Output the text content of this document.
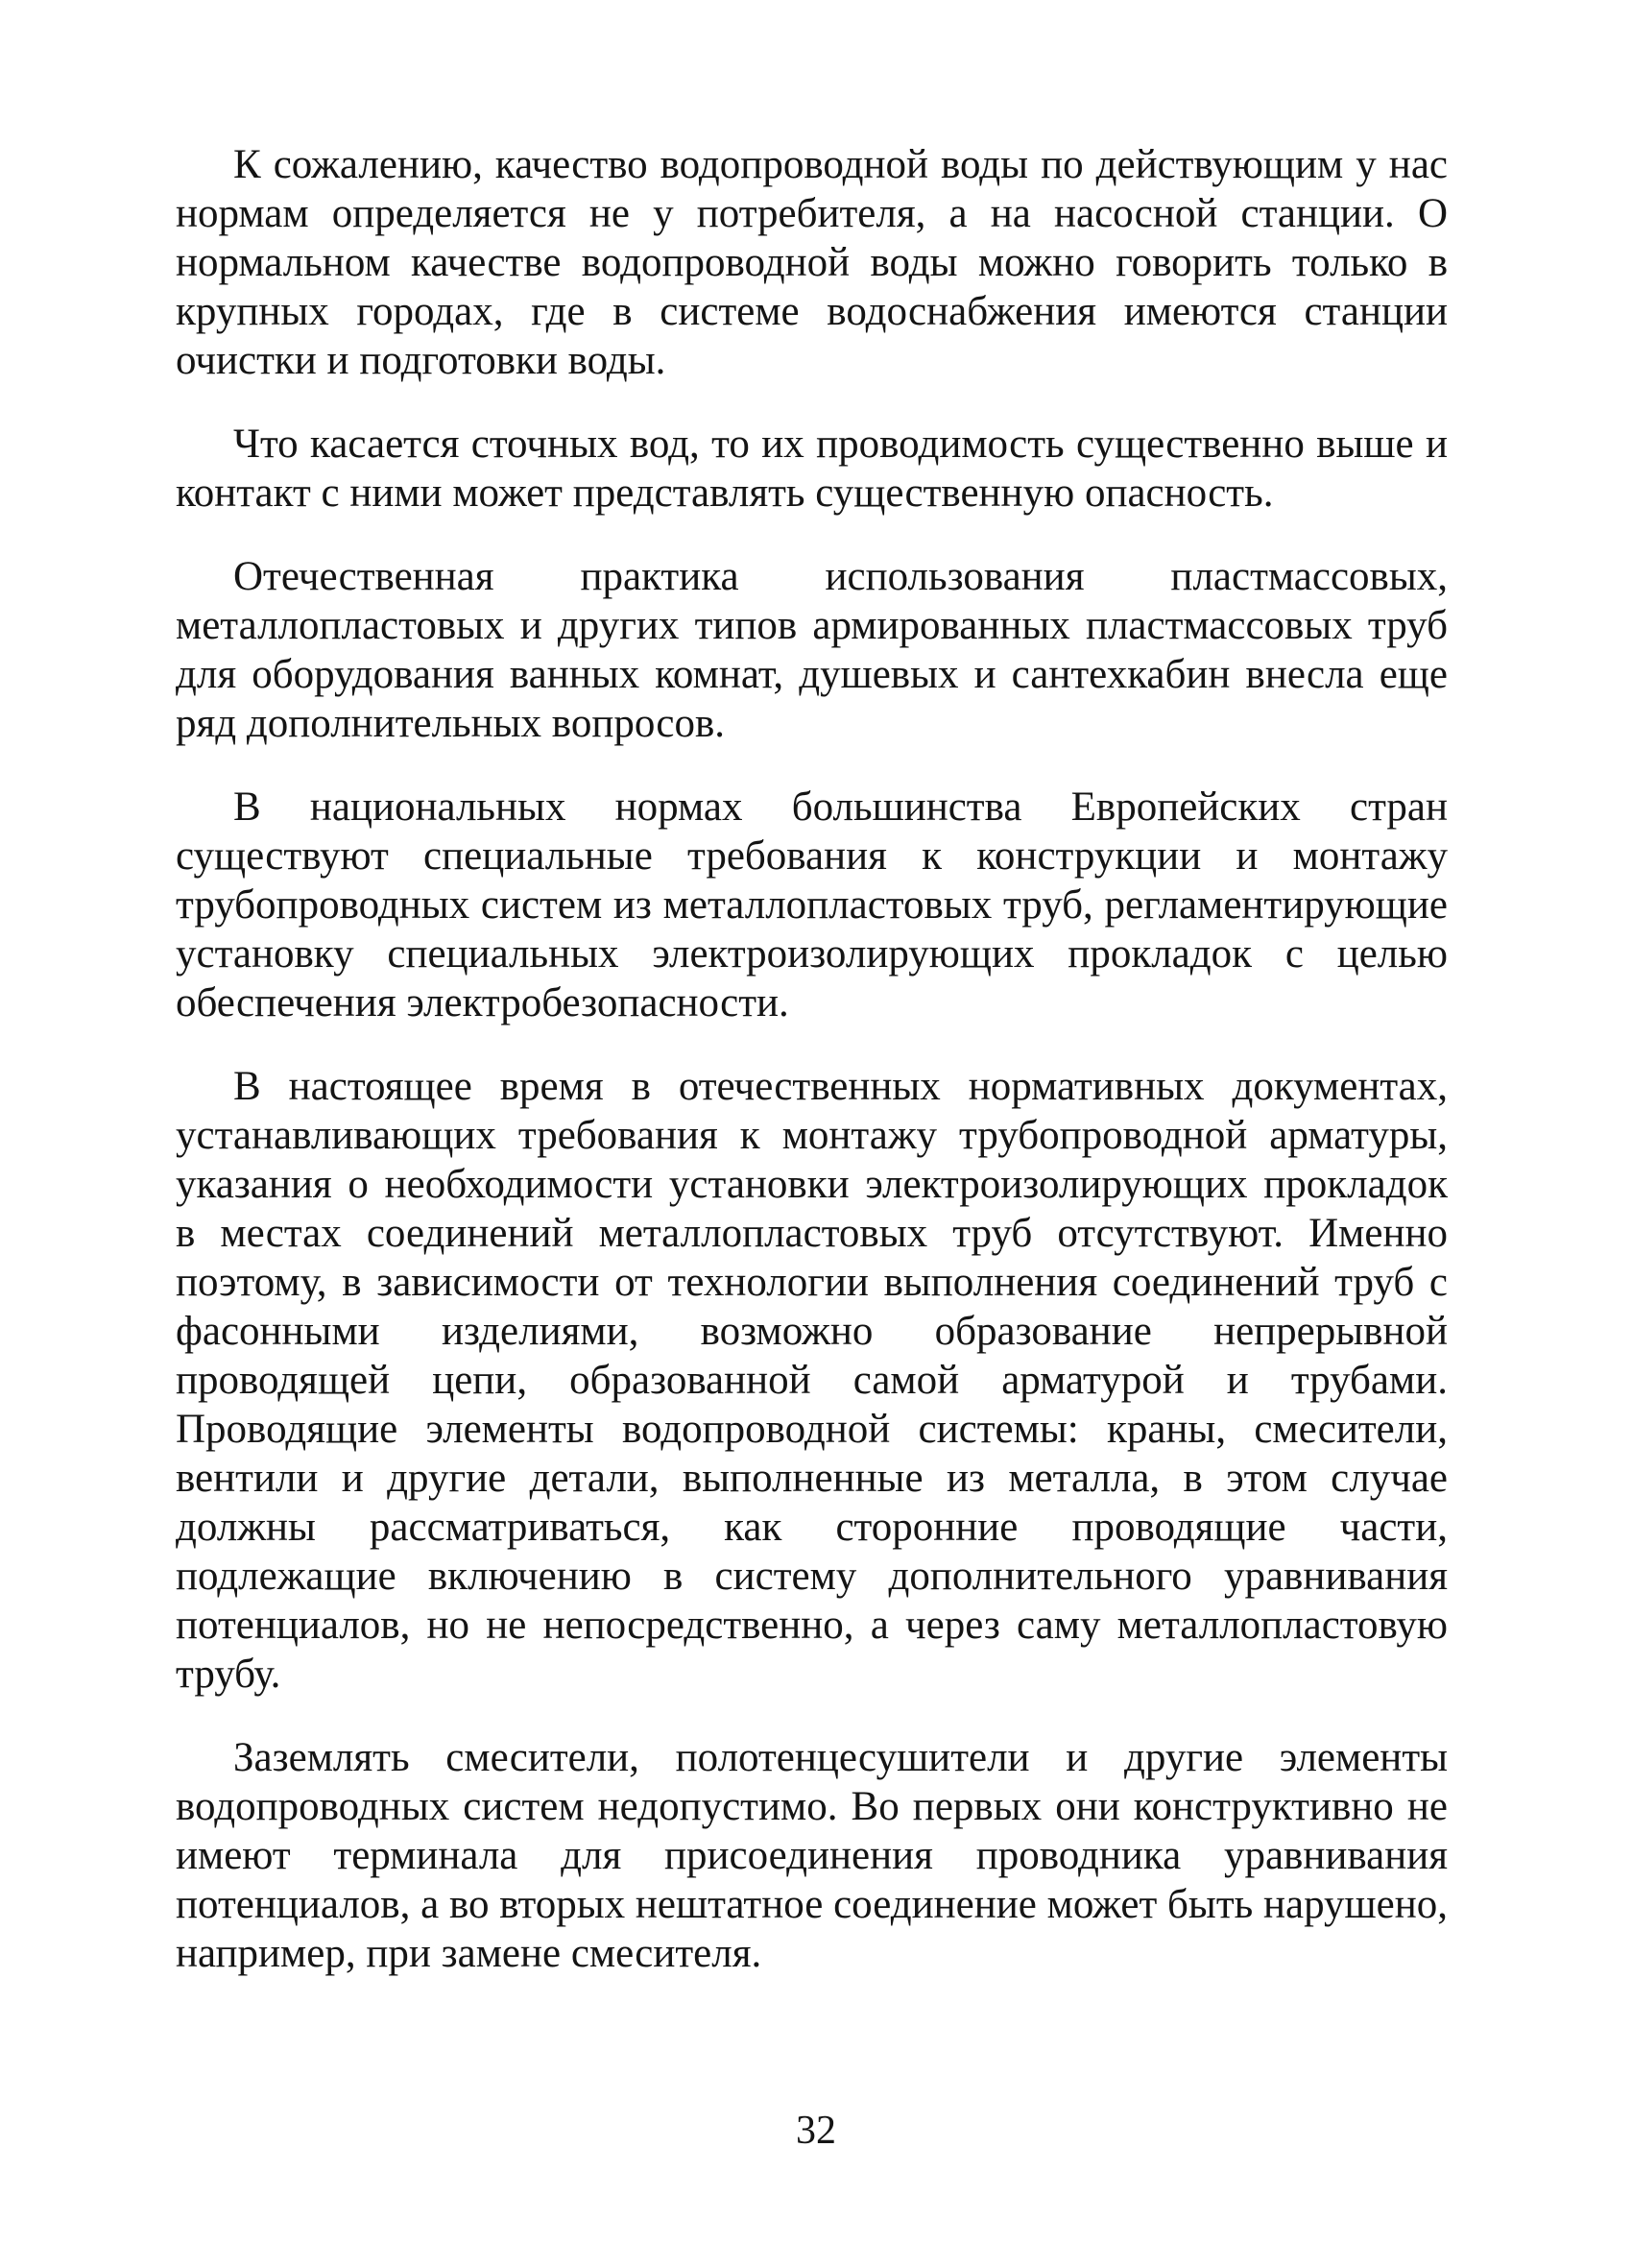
К сожалению, качество водопроводной воды по действующим у нас нормам определяется не у потребителя, а на насосной станции. О нормальном качестве водопроводной воды можно говорить только в крупных городах, где в системе водоснабжения имеются станции очистки и подготовки воды.

Что касается сточных вод, то их проводимость существенно выше и контакт с ними может представлять существенную опасность.

Отечественная практика использования пластмассовых, металлопластовых и других типов армированных пластмассовых труб для оборудования ванных комнат, душевых и сантехкабин внесла еще ряд дополнительных вопросов.

В национальных нормах большинства Европейских стран существуют специальные требования к конструкции и монтажу трубопроводных систем из металлопластовых труб, регламентирующие установку специальных электроизолирующих прокладок с целью обеспечения электробезопасности.

В настоящее время в отечественных нормативных документах, устанавливающих требования к монтажу трубопроводной арматуры, указания о необходимости установки электроизолирующих прокладок в местах соединений металлопластовых труб отсутствуют. Именно поэтому, в зависимости от технологии выполнения соединений труб с фасонными изделиями, возможно образование непрерывной проводящей цепи, образованной самой арматурой и трубами. Проводящие элементы водопроводной системы: краны, смесители, вентили и другие детали, выполненные из металла, в этом случае должны рассматриваться, как сторонние проводящие части, подлежащие включению в систему дополнительного уравнивания потенциалов, но не непосредственно, а через саму металлопластовую трубу.

Заземлять смесители, полотенцесушители и другие элементы водопроводных систем недопустимо. Во первых они конструктивно не имеют терминала для присоединения проводника уравнивания потенциалов, а во вторых нештатное соединение может быть нарушено, например, при замене смесителя.

32
